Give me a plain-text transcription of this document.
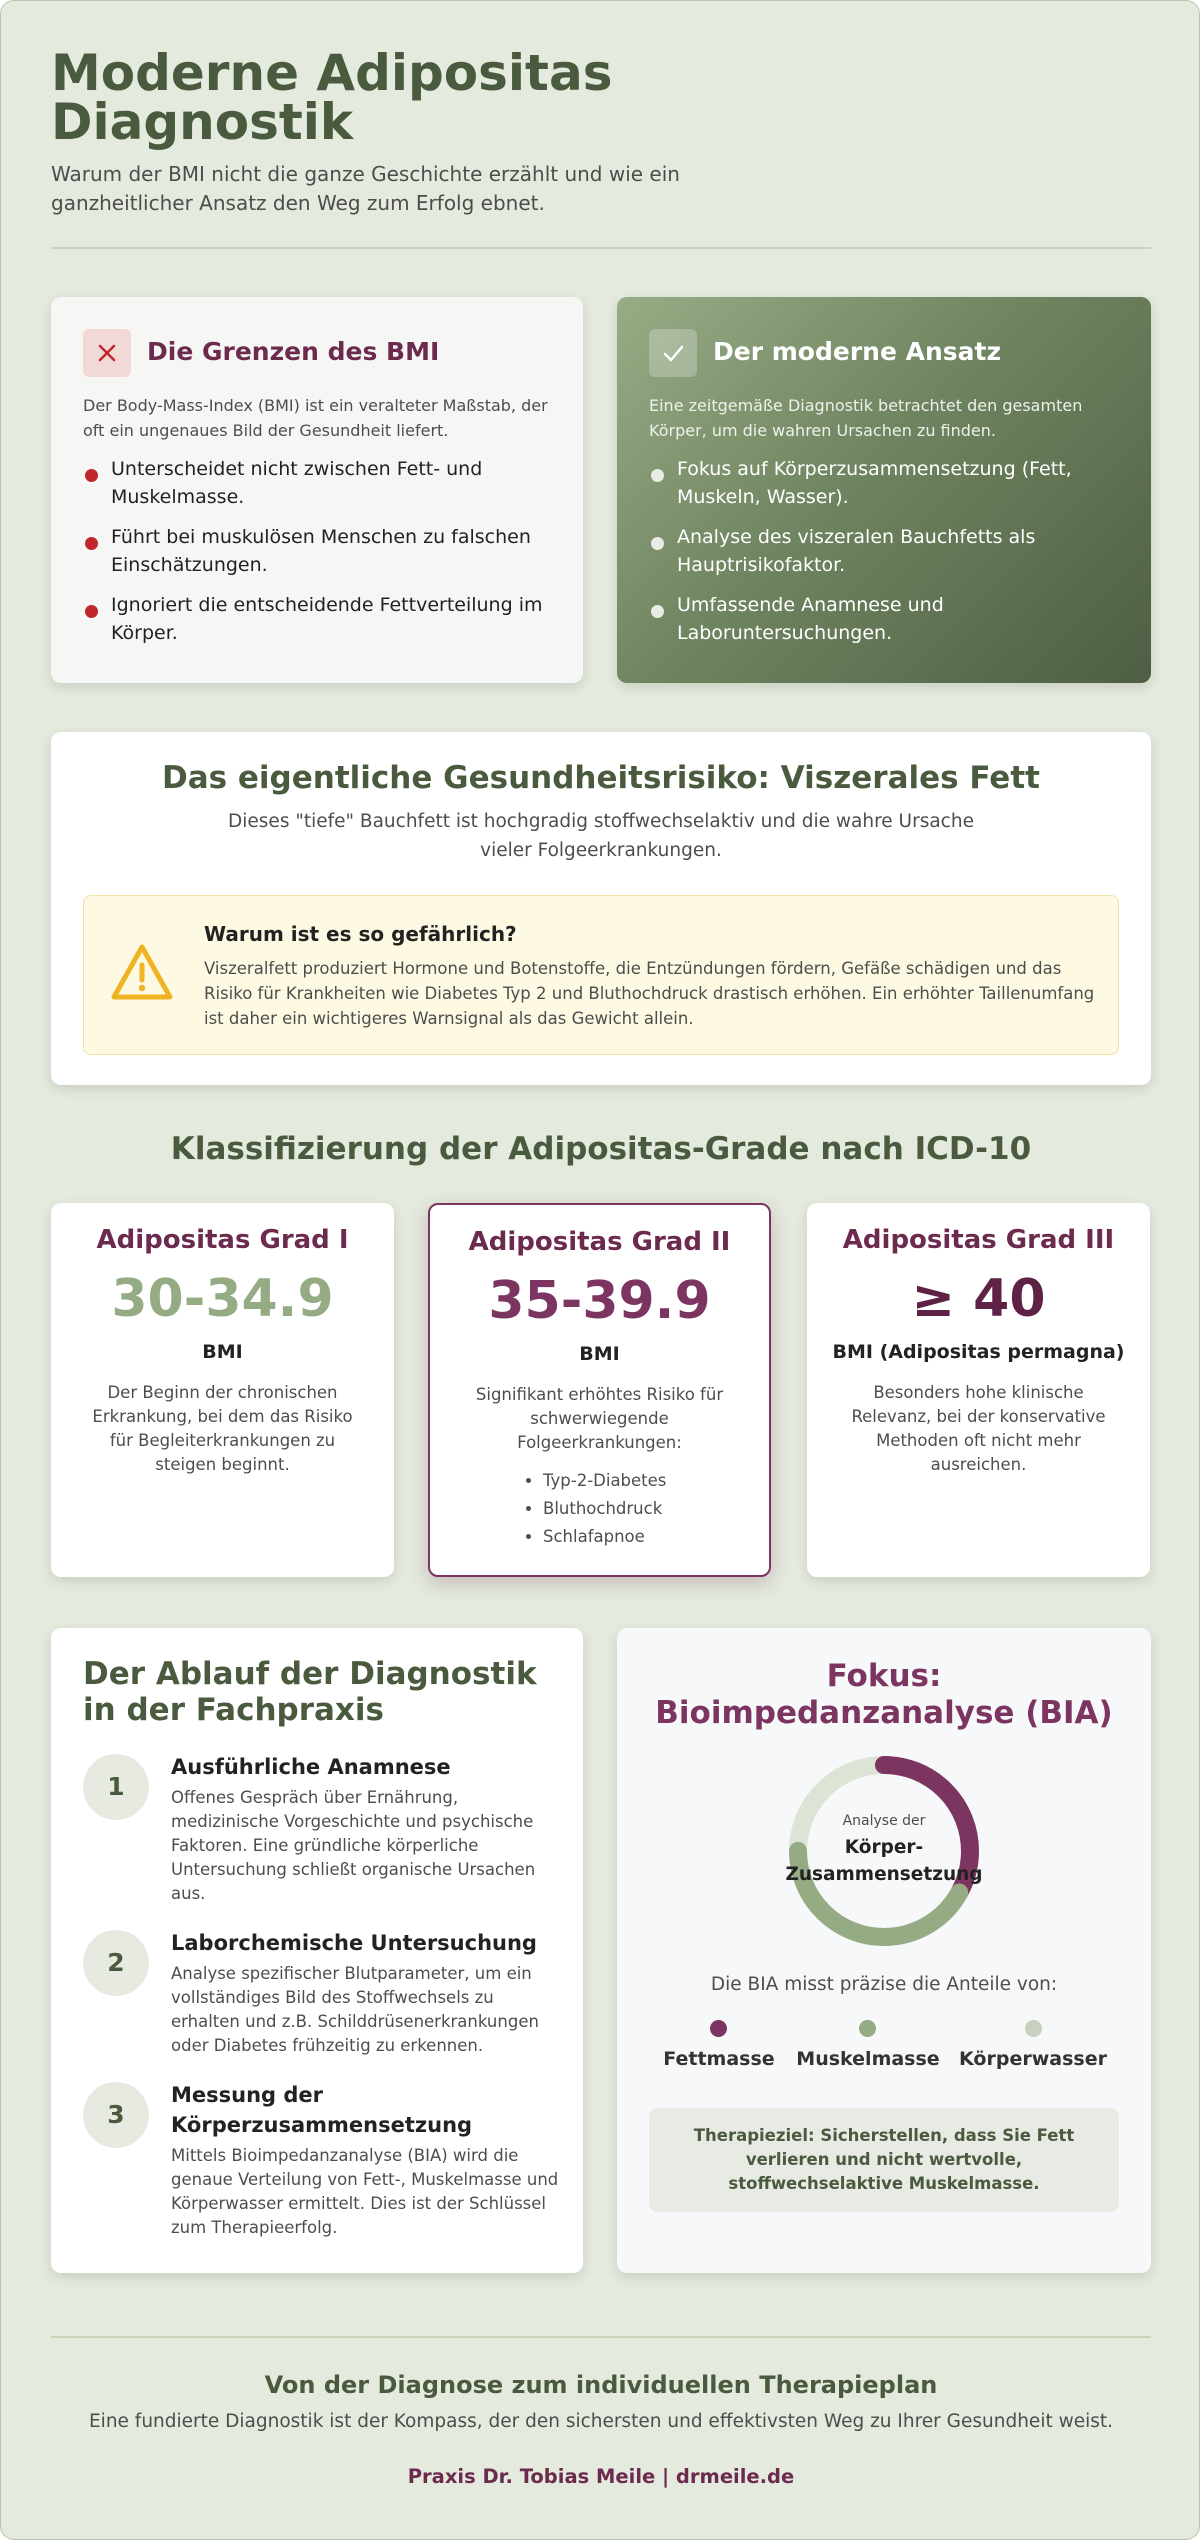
Moderne Adipositas Diagnostik
Warum der BMI nicht die ganze Geschichte erzählt und wie ein
ganzheitlicher Ansatz den Weg zum Erfolg ebnet.
Die Grenzen des BMI
Der Body-Mass-Index (BMI) ist ein veralteter Maßstab, der oft ein ungenaues Bild der Gesundheit liefert.
Unterscheidet nicht zwischen Fett- und Muskelmasse.
Führt bei muskulösen Menschen zu falschen Einschätzungen.
Ignoriert die entscheidende Fettverteilung im Körper.
Der moderne Ansatz
Eine zeitgemäße Diagnostik betrachtet den gesamten Körper, um die wahren Ursachen zu finden.
Fokus auf Körperzusammensetzung (Fett, Muskeln, Wasser).
Analyse des viszeralen Bauchfetts als Hauptrisikofaktor.
Umfassende Anamnese und Laboruntersuchungen.
Das eigentliche Gesundheitsrisiko: Viszerales Fett
Dieses "tiefe" Bauchfett ist hochgradig stoffwechselaktiv und die wahre Ursache vieler Folgeerkrankungen.
Warum ist es so gefährlich?
Viszeralfett produziert Hormone und Botenstoffe, die Entzündungen fördern, Gefäße schädigen und das Risiko für Krankheiten wie Diabetes Typ 2 und Bluthochdruck drastisch erhöhen. Ein erhöhter Taillenumfang ist daher ein wichtigeres Warnsignal als das Gewicht allein.
Klassifizierung der Adipositas-Grade nach ICD-10
Adipositas Grad I
30-34.9
BMI
Der Beginn der chronischen Erkrankung, bei dem das Risiko für Begleiterkrankungen zu steigen beginnt.
Adipositas Grad II
35-39.9
BMI
Signifikant erhöhtes Risiko für schwerwiegende Folgeerkrankungen:
• Typ-2-Diabetes
• Bluthochdruck
• Schlafapnoe
Adipositas Grad III
≥ 40
BMI (Adipositas permagna)
Besonders hohe klinische Relevanz, bei der konservative Methoden oft nicht mehr ausreichen.
Der Ablauf der Diagnostik in der Fachpraxis
1
Ausführliche Anamnese
Offenes Gespräch über Ernährung, medizinische Vorgeschichte und psychische Faktoren. Eine gründliche körperliche Untersuchung schließt organische Ursachen aus.
2
Laborchemische Untersuchung
Analyse spezifischer Blutparameter, um ein vollständiges Bild des Stoffwechsels zu erhalten und z.B. Schilddrüsenerkrankungen oder Diabetes frühzeitig zu erkennen.
3
Messung der Körperzusammensetzung
Mittels Bioimpedanzanalyse (BIA) wird die genaue Verteilung von Fett-, Muskelmasse und Körperwasser ermittelt. Dies ist der Schlüssel zum Therapieerfolg.
Fokus:
Bioimpedanzanalyse (BIA)
Analyse der
Körper-Zusammensetzung
Die BIA misst präzise die Anteile von:
Fettmasse	Muskelmasse	Körperwasser
Therapieziel: Sicherstellen, dass Sie Fett verlieren und nicht wertvolle, stoffwechselaktive Muskelmasse.
Von der Diagnose zum individuellen Therapieplan
Eine fundierte Diagnostik ist der Kompass, der den sichersten und effektivsten Weg zu Ihrer Gesundheit weist.
Praxis Dr. Tobias Meile | drmeile.de
